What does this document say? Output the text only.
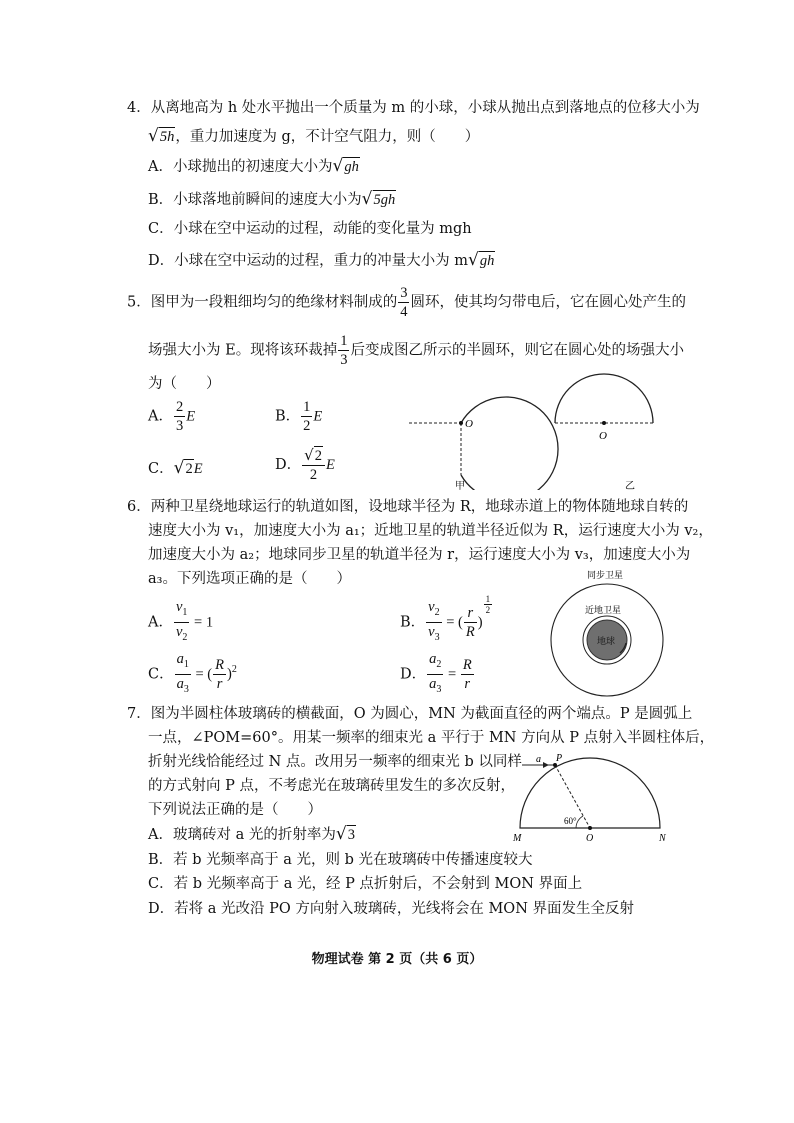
4．从离地高为 h 处水平抛出一个质量为 m 的小球，小球从抛出点到落地点的位移大小为
√5h，重力加速度为 g，不计空气阻力，则（　　）
A．小球抛出的初速度大小为√gh
B．小球落地前瞬间的速度大小为√5gh
C．小球在空中运动的过程，动能的变化量为 mgh
D．小球在空中运动的过程，重力的冲量大小为 m√gh
5．图甲为一段粗细均匀的绝缘材料制成的 $\frac{3}{4}$ 圆环，使其均匀带电后，它在圆心处产生的
场强大小为 E。现将该环裁掉 $\frac{1}{3}$ 后变成图乙所示的半圆环，则它在圆心处的场强大小
为（　　）
A． $\frac{2}{3}$ E	B． $\frac{1}{2}$ E
C．√2E	D． $\frac{√2}{2}$ E
O
甲
O
乙
6．两种卫星绕地球运行的轨道如图，设地球半径为 R，地球赤道上的物体随地球自转的
速度大小为 v₁，加速度大小为 a₁；近地卫星的轨道半径近似为 R，运行速度大小为 v₂，
加速度大小为 a₂；地球同步卫星的轨道半径为 r，运行速度大小为 v₃，加速度大小为
a₃。下列选项正确的是（　　）
A． $\frac{v_1}{v_2} = 1$	B． $\frac{v_2}{v_3}$ = ( $\frac{r}{R}$ )
$\frac{1}{2}$
C． $\frac{a_1}{a_3}$ = ( $\frac{R}{r} )^2$	D． $\frac{a_2}{a_3} = \frac{R}{r}$
同步卫星
近地卫星
地球
7．图为半圆柱体玻璃砖的横截面，O 为圆心，MN 为截面直径的两个端点。P 是圆弧上
一点，∠POM=60°。用某一频率的细束光 a 平行于 MN 方向从 P 点射入半圆柱体后，
折射光线恰能经过 N 点。改用另一频率的细束光 b 以同样
的方式射向 P 点，不考虑光在玻璃砖里发生的多次反射，
下列说法正确的是（　　）
A．玻璃砖对 a 光的折射率为√3
B．若 b 光频率高于 a 光，则 b 光在玻璃砖中传播速度较大
C．若 b 光频率高于 a 光，经 P 点折射后，不会射到 MON 界面上
D．若将 a 光改沿 PO 方向射入玻璃砖，光线将会在 MON 界面发生全反射
a P
60°
M	O	N
物理试卷 第 2 页（共 6 页）
